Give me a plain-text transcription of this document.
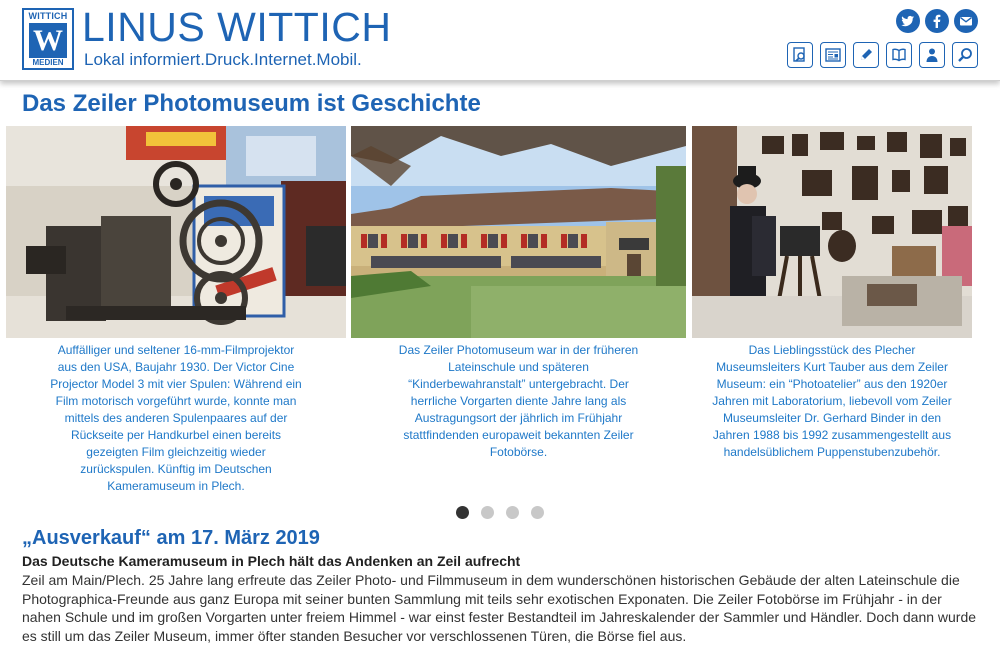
WITTICH
W
MEDIEN
LINUS WITTICH
Lokal informiert.Druck.Internet.Mobil.
Das Zeiler Photomuseum ist Geschichte
Auffälliger und seltener 16-mm-Filmprojektor aus den USA, Baujahr 1930. Der Victor Cine Projector Model 3 mit vier Spulen: Während ein Film motorisch vorgeführt wurde, konnte man mittels des anderen Spulenpaares auf der Rückseite per Handkurbel einen bereits gezeigten Film gleichzeitig wieder zurückspulen. Künftig im Deutschen Kameramuseum in Plech.
Das Zeiler Photomuseum war in der früheren Lateinschule und späteren “Kinderbewahranstalt” untergebracht. Der herrliche Vorgarten diente Jahre lang als Austragungsort der jährlich im Frühjahr stattfindenden europaweit bekannten Zeiler Fotobörse.
Das Lieblingsstück des Plecher Museumsleiters Kurt Tauber aus dem Zeiler Museum: ein “Photoatelier” aus den 1920er Jahren mit Laboratorium, liebevoll vom Zeiler Museumsleiter Dr. Gerhard Binder in den Jahren 1988 bis 1992 zusammengestellt aus handelsüblichem Puppenstubenzubehör.
„Ausverkauf“ am 17. März 2019

Das Deutsche Kameramuseum in Plech hält das Andenken an Zeil aufrecht

Zeil am Main/Plech. 25 Jahre lang erfreute das Zeiler Photo- und Filmmuseum in dem wunderschönen historischen Gebäude der alten Lateinschule die Photographica-Freunde aus ganz Europa mit seiner bunten Sammlung mit teils sehr exotischen Exponaten. Die Zeiler Fotobörse im Frühjahr - in der nahen Schule und im großen Vorgarten unter freiem Himmel - war einst fester Bestandteil im Jahreskalender der Sammler und Händler. Doch dann wurde es still um das Zeiler Museum, immer öfter standen Besucher vor verschlossenen Türen, die Börse fiel aus.
